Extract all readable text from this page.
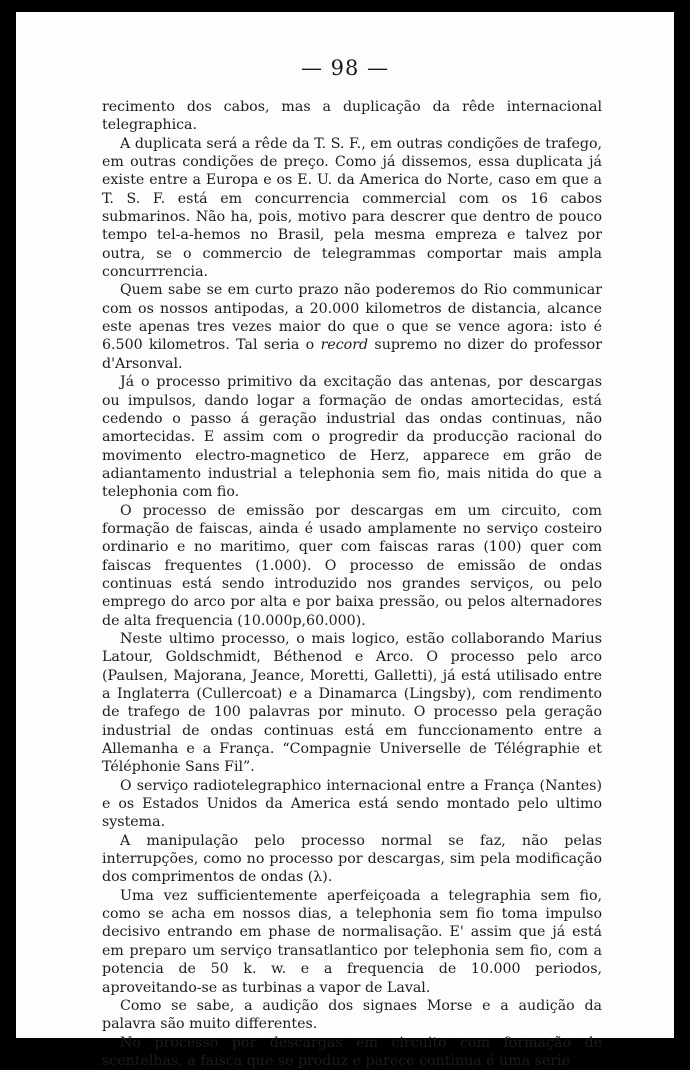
— 98 —

recimento dos cabos, mas a duplicação da rêde internacional telegraphica.

A duplicata será a rêde da T. S. F., em outras condições de trafego, em outras condições de preço. Como já dissemos, essa duplicata já existe entre a Europa e os E. U. da America do Norte, caso em que a T. S. F. está em concurrencia commercial com os 16 cabos submarinos. Não ha, pois, motivo para descrer que dentro de pouco tempo tel-a-hemos no Brasil, pela mesma empreza e talvez por outra, se o commercio de telegrammas comportar mais ampla concurrrencia.

Quem sabe se em curto prazo não poderemos do Rio communicar com os nossos antipodas, a 20.000 kilometros de distancia, alcance este apenas tres vezes maior do que o que se vence agora: isto é 6.500 kilometros. Tal seria o record supremo no dizer do professor d'Arsonval.

Já o processo primitivo da excitação das antenas, por descargas ou impulsos, dando logar a formação de ondas amortecidas, está cedendo o passo á geração industrial das ondas continuas, não amortecidas. E assim com o progredir da producção racional do movimento electro-magnetico de Herz, apparece em grão de adiantamento industrial a telephonia sem fio, mais nitida do que a telephonia com fio.

O processo de emissão por descargas em um circuito, com formação de faiscas, ainda é usado amplamente no serviço costeiro ordinario e no maritimo, quer com faiscas raras (100) quer com faiscas frequentes (1.000). O processo de emissão de ondas continuas está sendo introduzido nos grandes serviços, ou pelo emprego do arco por alta e por baixa pressão, ou pelos alternadores de alta frequencia (10.000p,60.000).

Neste ultimo processo, o mais logico, estão collaborando Marius Latour, Goldschmidt, Béthenod e Arco. O processo pelo arco (Paulsen, Majorana, Jeance, Moretti, Galletti), já está utilisado entre a Inglaterra (Cullercoat) e a Dinamarca (Lingsby), com rendimento de trafego de 100 palavras por minuto. O processo pela geração industrial de ondas continuas está em funccionamento entre a Allemanha e a França. “Compagnie Universelle de Télégraphie et Téléphonie Sans Fil”.

O serviço radiotelegraphico internacional entre a França (Nantes) e os Estados Unidos da America está sendo montado pelo ultimo systema.

A manipulação pelo processo normal se faz, não pelas interrupções, como no processo por descargas, sim pela modificação dos comprimentos de ondas (λ).

Uma vez sufficientemente aperfeiçoada a telegraphia sem fio, como se acha em nossos dias, a telephonia sem fio toma impulso decisivo entrando em phase de normalisação. E' assim que já está em preparo um serviço transatlantico por telephonia sem fio, com a potencia de 50 k. w. e a frequencia de 10.000 periodos, aproveitando-se as turbinas a vapor de Laval.

Como se sabe, a audição dos signaes Morse e a audição da palavra são muito differentes.

No processo por descargas em circuito com formação de scentelhas, a faisca que se produz e parece continua é uma serie
